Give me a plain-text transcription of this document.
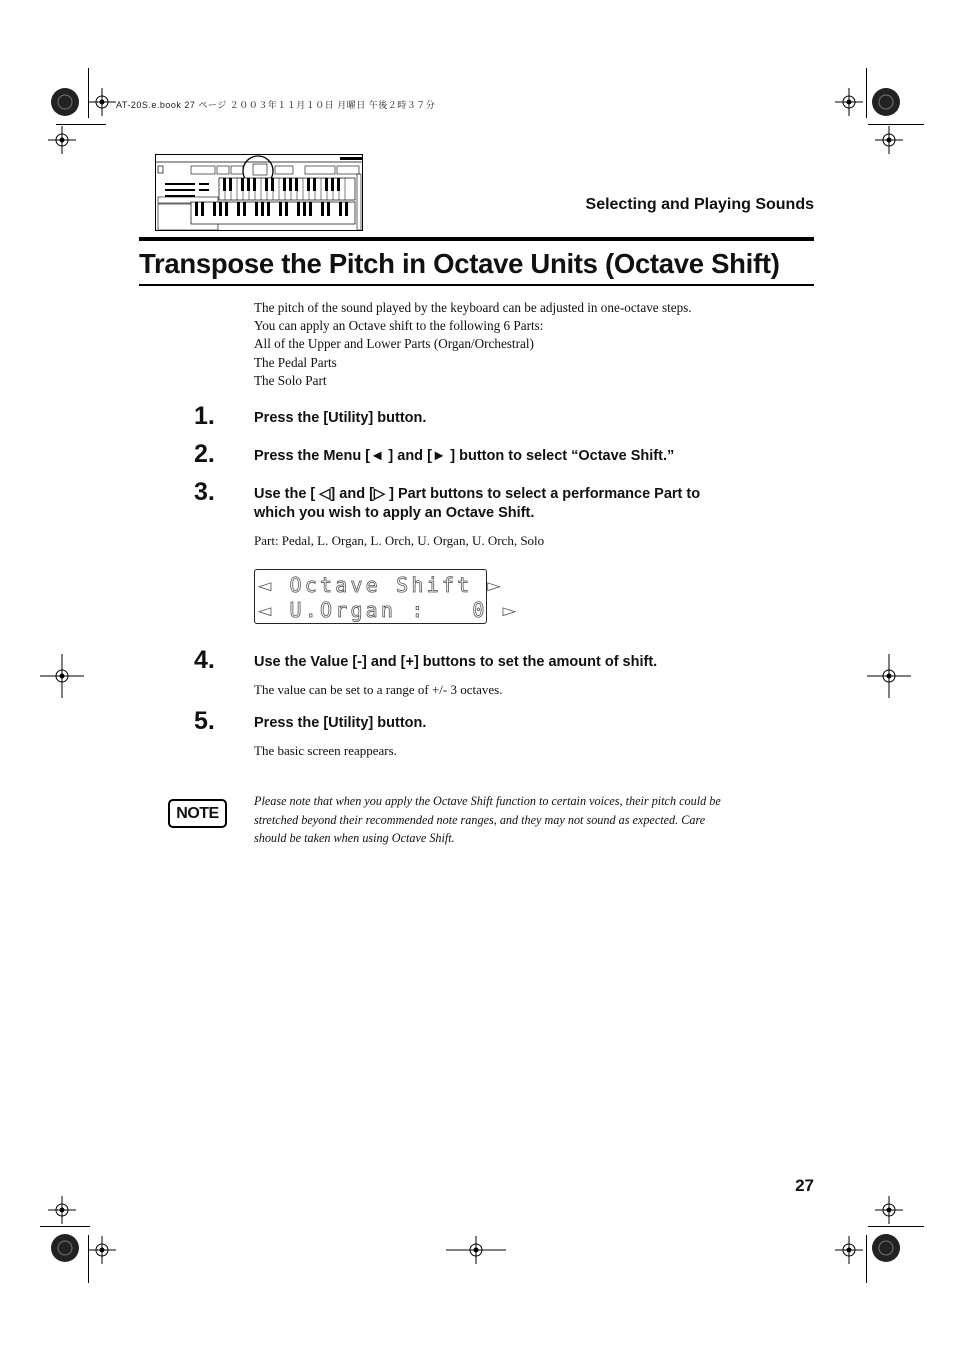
AT-20S.e.book 27 ページ ２００３年１１月１０日 月曜日 午後２時３７分
Selecting and Playing Sounds
Transpose the Pitch in Octave Units (Octave Shift)
The pitch of the sound played by the keyboard can be adjusted in one-octave steps.
You can apply an Octave shift to the following 6 Parts:
All of the Upper and Lower Parts (Organ/Orchestral)
The Pedal Parts
The Solo Part
1.	Press the [Utility] button.
2.	Press the Menu [◄ ] and [► ] button to select “Octave Shift.”
3.	Use the [ ◁] and [▷ ] Part buttons to select a performance Part to
which you wish to apply an Octave Shift.
Part: Pedal, L. Organ, L. Orch, U. Organ, U. Orch, Solo
◄ Octave Shift ►
◄ U.Organ :   0 ►
4.	Use the Value [-] and [+] buttons to set the amount of shift.
The value can be set to a range of +/- 3 octaves.
5.	Press the [Utility] button.
The basic screen reappears.
NOTE
Please note that when you apply the Octave Shift function to certain voices, their pitch could be
stretched beyond their recommended note ranges, and they may not sound as expected. Care
should be taken when using Octave Shift.
27
